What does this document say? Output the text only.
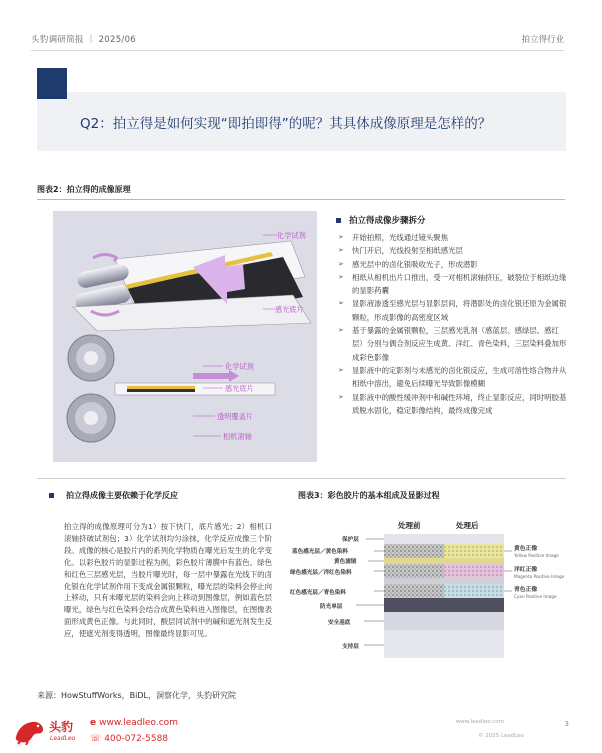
头豹调研简报 ｜ 2025/06	拍立得行业
Q2：拍立得是如何实现“即拍即得”的呢？其具体成像原理是怎样的？
图表2：拍立得的成像原理
化学试剂
感光底片
化学试剂
感光底片
透明覆盖片
相机滚轴
拍立得成像步骤拆分
➢ 开始拍照，光线通过镜头聚焦
➢ 快门开启，光线投射至相纸感光层
➢ 感光层中的卤化银吸收光子，形成潜影
➢ 相纸从相机出片口推出，受一对相机滚轴挤压，破裂位于相纸边缘的显影药囊
➢ 显影液渗透至感光层与显影层间，将潜影处的卤化银还原为金属银颗粒，形成影像的高密度区域
➢ 基于暴露的金属银颗粒，三层感光乳剂（感蓝层、感绿层、感红层）分别与偶合剂反应生成黄、洋红、青色染料，三层染料叠加形成彩色影像
➢ 显影液中的定影剂与未感光的卤化银反应，生成可溶性络合物并从相纸中溶出，避免后续曝光导致影像模糊
➢ 显影液中的酸性缓冲剂中和碱性环境，终止显影反应，同时明胶基质脱水固化，稳定影像结构，最终成像完成
拍立得成像主要依赖于化学反应
拍立得的成像原理可分为1）按下快门，底片感光；2）相机口滚轴挤破试剂包；3）化学试剂均匀涂抹，化学反应成像三个阶段。成像的核心是胶片内的系列化学物质在曝光后发生的化学变化。以彩色胶片的显影过程为例，彩色胶片薄膜中有蓝色、绿色和红色三层感光层，当胶片曝光时，每一层中暴露在光线下的卤化银在化学试剂作用下变成金属银颗粒，曝光层的染料会停止向上移动，只有未曝光层的染料会向上移动到图像层，例如蓝色层曝光，绿色与红色染料会结合成黄色染料进入图像层，在图像表面形成黄色正像。与此同时，酸层同试剂中的碱和遮光剂发生反应，使遮光剂变得透明，图像最终显影可见。
图表3：彩色胶片的基本组成及显影过程
处理前	处理后
保护层
蓝色感光层／黄色染料
黄色滤镜
绿色感光层／洋红色染料
红色感光层／青色染料
防光单层
安全基底
支持层
黄色正像
Yellow Positive Image
洋红正像
Magenta Positive Image
青色正像
Cyan Positive Image
来源：HowStuffWorks，BiDL，洞察化学，头豹研究院
头豹
LeadLeo
e www.leadleo.com
☏ 400-072-5588
www.leadleo.com
© 2025 LeadLeo
3
